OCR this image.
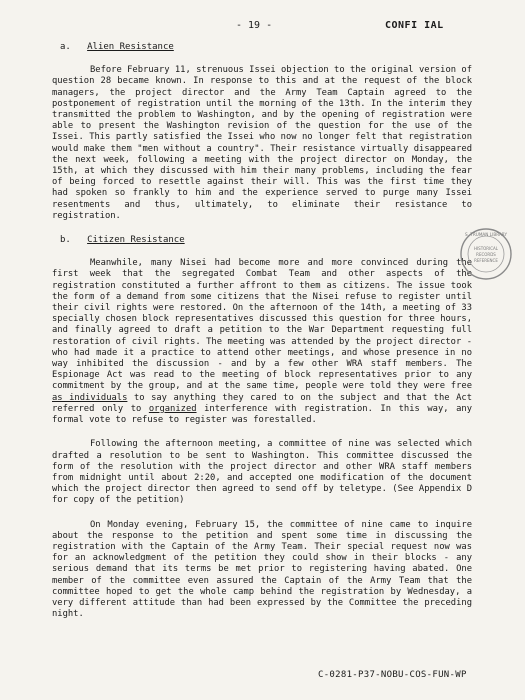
- 19 -	CONFI IAL
a. Alien Resistance

Before February 11, strenuous Issei objection to the original version of question 28 became known. In response to this and at the request of the block managers, the project director and the Army Team Captain agreed to the postponement of registration until the morning of the 13th. In the interim they transmitted the problem to Washington, and by the opening of registration were able to present the Washington revision of the question for the use of the Issei. This partly satisfied the Issei who now no longer felt that registration would make them "men without a country". Their resistance virtually disappeared the next week, following a meeting with the project director on Monday, the 15th, at which they discussed with him their many problems, including the fear of being forced to resettle against their will. This was the first time they had spoken so frankly to him and the experience served to purge many Issei resentments and thus, ultimately, to eliminate their resistance to registration.

b. Citizen Resistance

Meanwhile, many Nisei had become more and more convinced during the first week that the segregated Combat Team and other aspects of the registration constituted a further affront to them as citizens. The issue took the form of a demand from some citizens that the Nisei refuse to register until their civil rights were restored. On the afternoon of the 14th, a meeting of 33 specially chosen block representatives discussed this question for three hours, and finally agreed to draft a petition to the War Department requesting full restoration of civil rights. The meeting was attended by the project director - who had made it a practice to attend other meetings, and whose presence in no way inhibited the discussion - and by a few other WRA staff members. The Espionage Act was read to the meeting of block representatives prior to any commitment by the group, and at the same time, people were told they were free as individuals to say anything they cared to on the subject and that the Act referred only to organized interference with registration. In this way, any formal vote to refuse to register was forestalled.

Following the afternoon meeting, a committee of nine was selected which drafted a resolution to be sent to Washington. This committee discussed the form of the resolution with the project director and other WRA staff members from midnight until about 2:20, and accepted one modification of the document which the project director then agreed to send off by teletype. (See Appendix D for copy of the petition)

On Monday evening, February 15, the committee of nine came to inquire about the response to the petition and spent some time in discussing the registration with the Captain of the Army Team. Their special request now was for an acknowledgment of the petition they could show in their blocks - any serious demand that its terms be met prior to registering having abated. One member of the committee even assured the Captain of the Army Team that the committee hoped to get the whole camp behind the registration by Wednesday, a very different attitude than had been expressed by the Committee the preceding night.

S. TRUMAN LIBRARY
HISTORICAL
RECORDS
REFERENCE
C-0281-P37-NOBU-COS-FUN-WP
